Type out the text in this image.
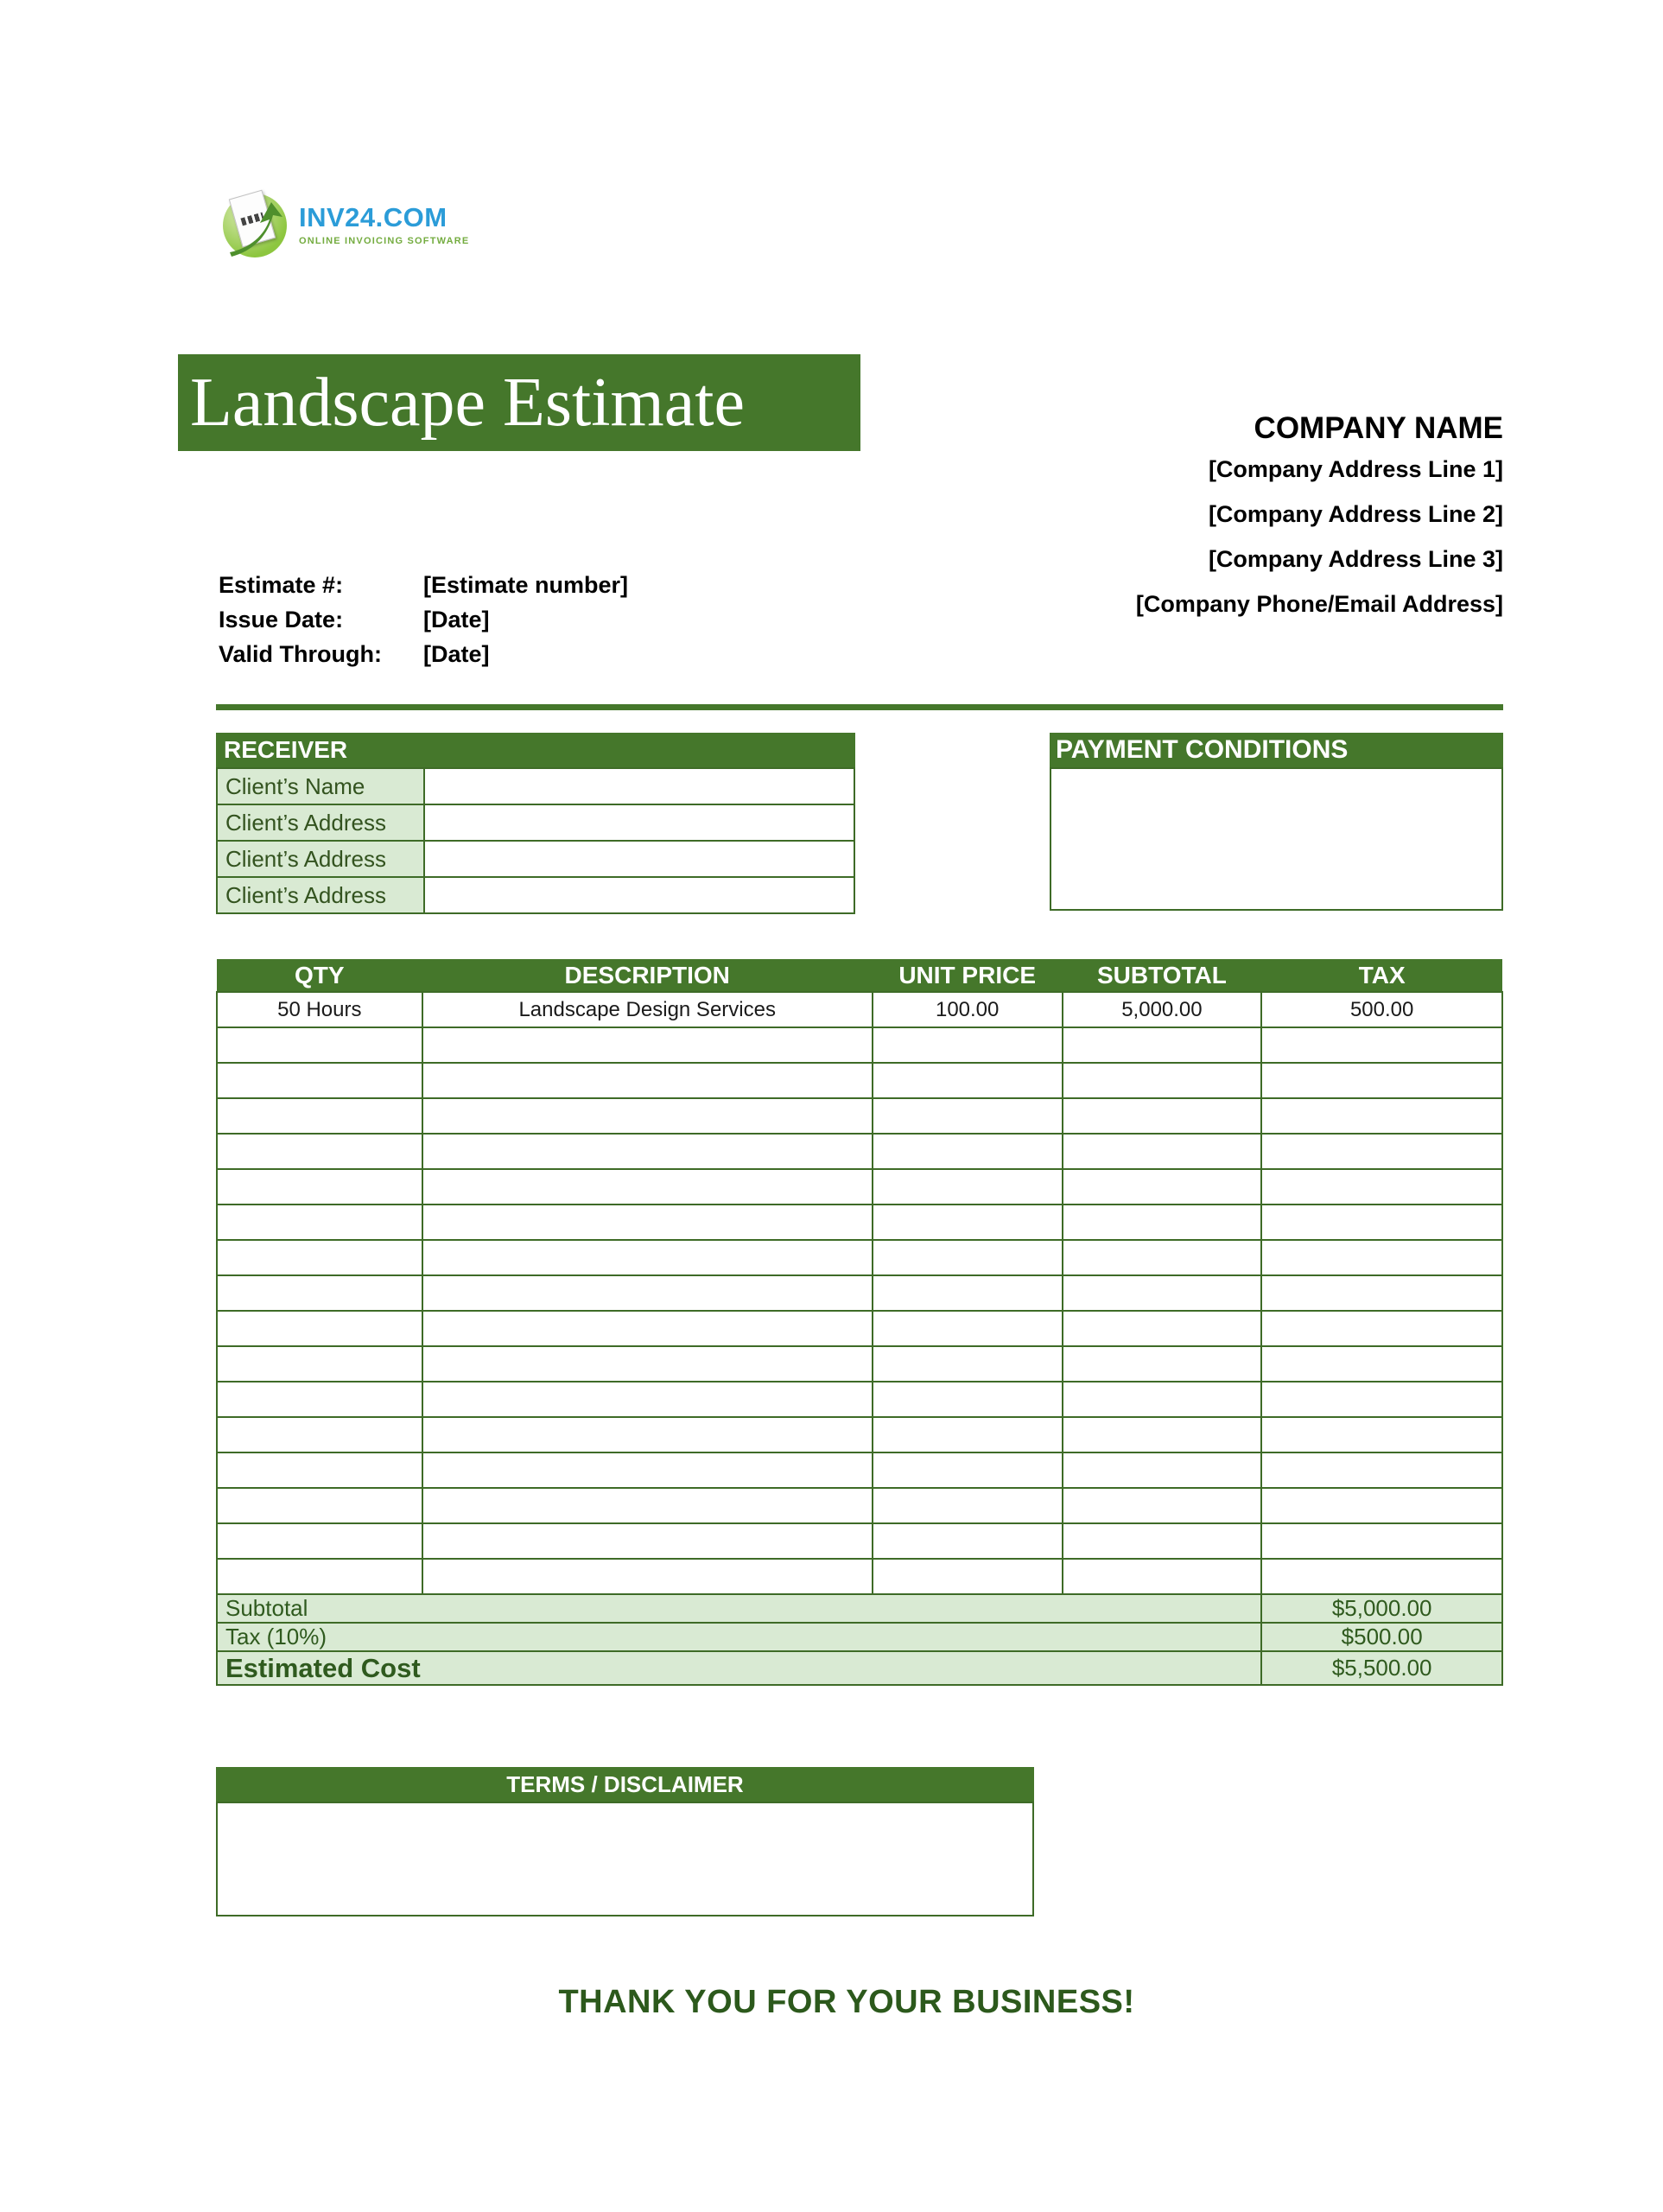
INV24.COM
ONLINE INVOICING SOFTWARE
Landscape Estimate	COMPANY NAME
[Company Address Line 1]
[Company Address Line 2]
[Company Address Line 3]
[Company Phone/Email Address]
Estimate #:	[Estimate number]
Issue Date:	[Date]
Valid Through:	[Date]
RECEIVER
Client’s Name	
Client’s Address	
Client’s Address	
Client’s Address	
PAYMENT CONDITIONS
QTY	DESCRIPTION	UNIT PRICE	SUBTOTAL	TAX
50 Hours	Landscape Design Services	100.00	5,000.00	500.00

Subtotal				$5,000.00
Tax (10%)				$500.00
Estimated Cost				$5,500.00
TERMS / DISCLAIMER
THANK YOU FOR YOUR BUSINESS!
